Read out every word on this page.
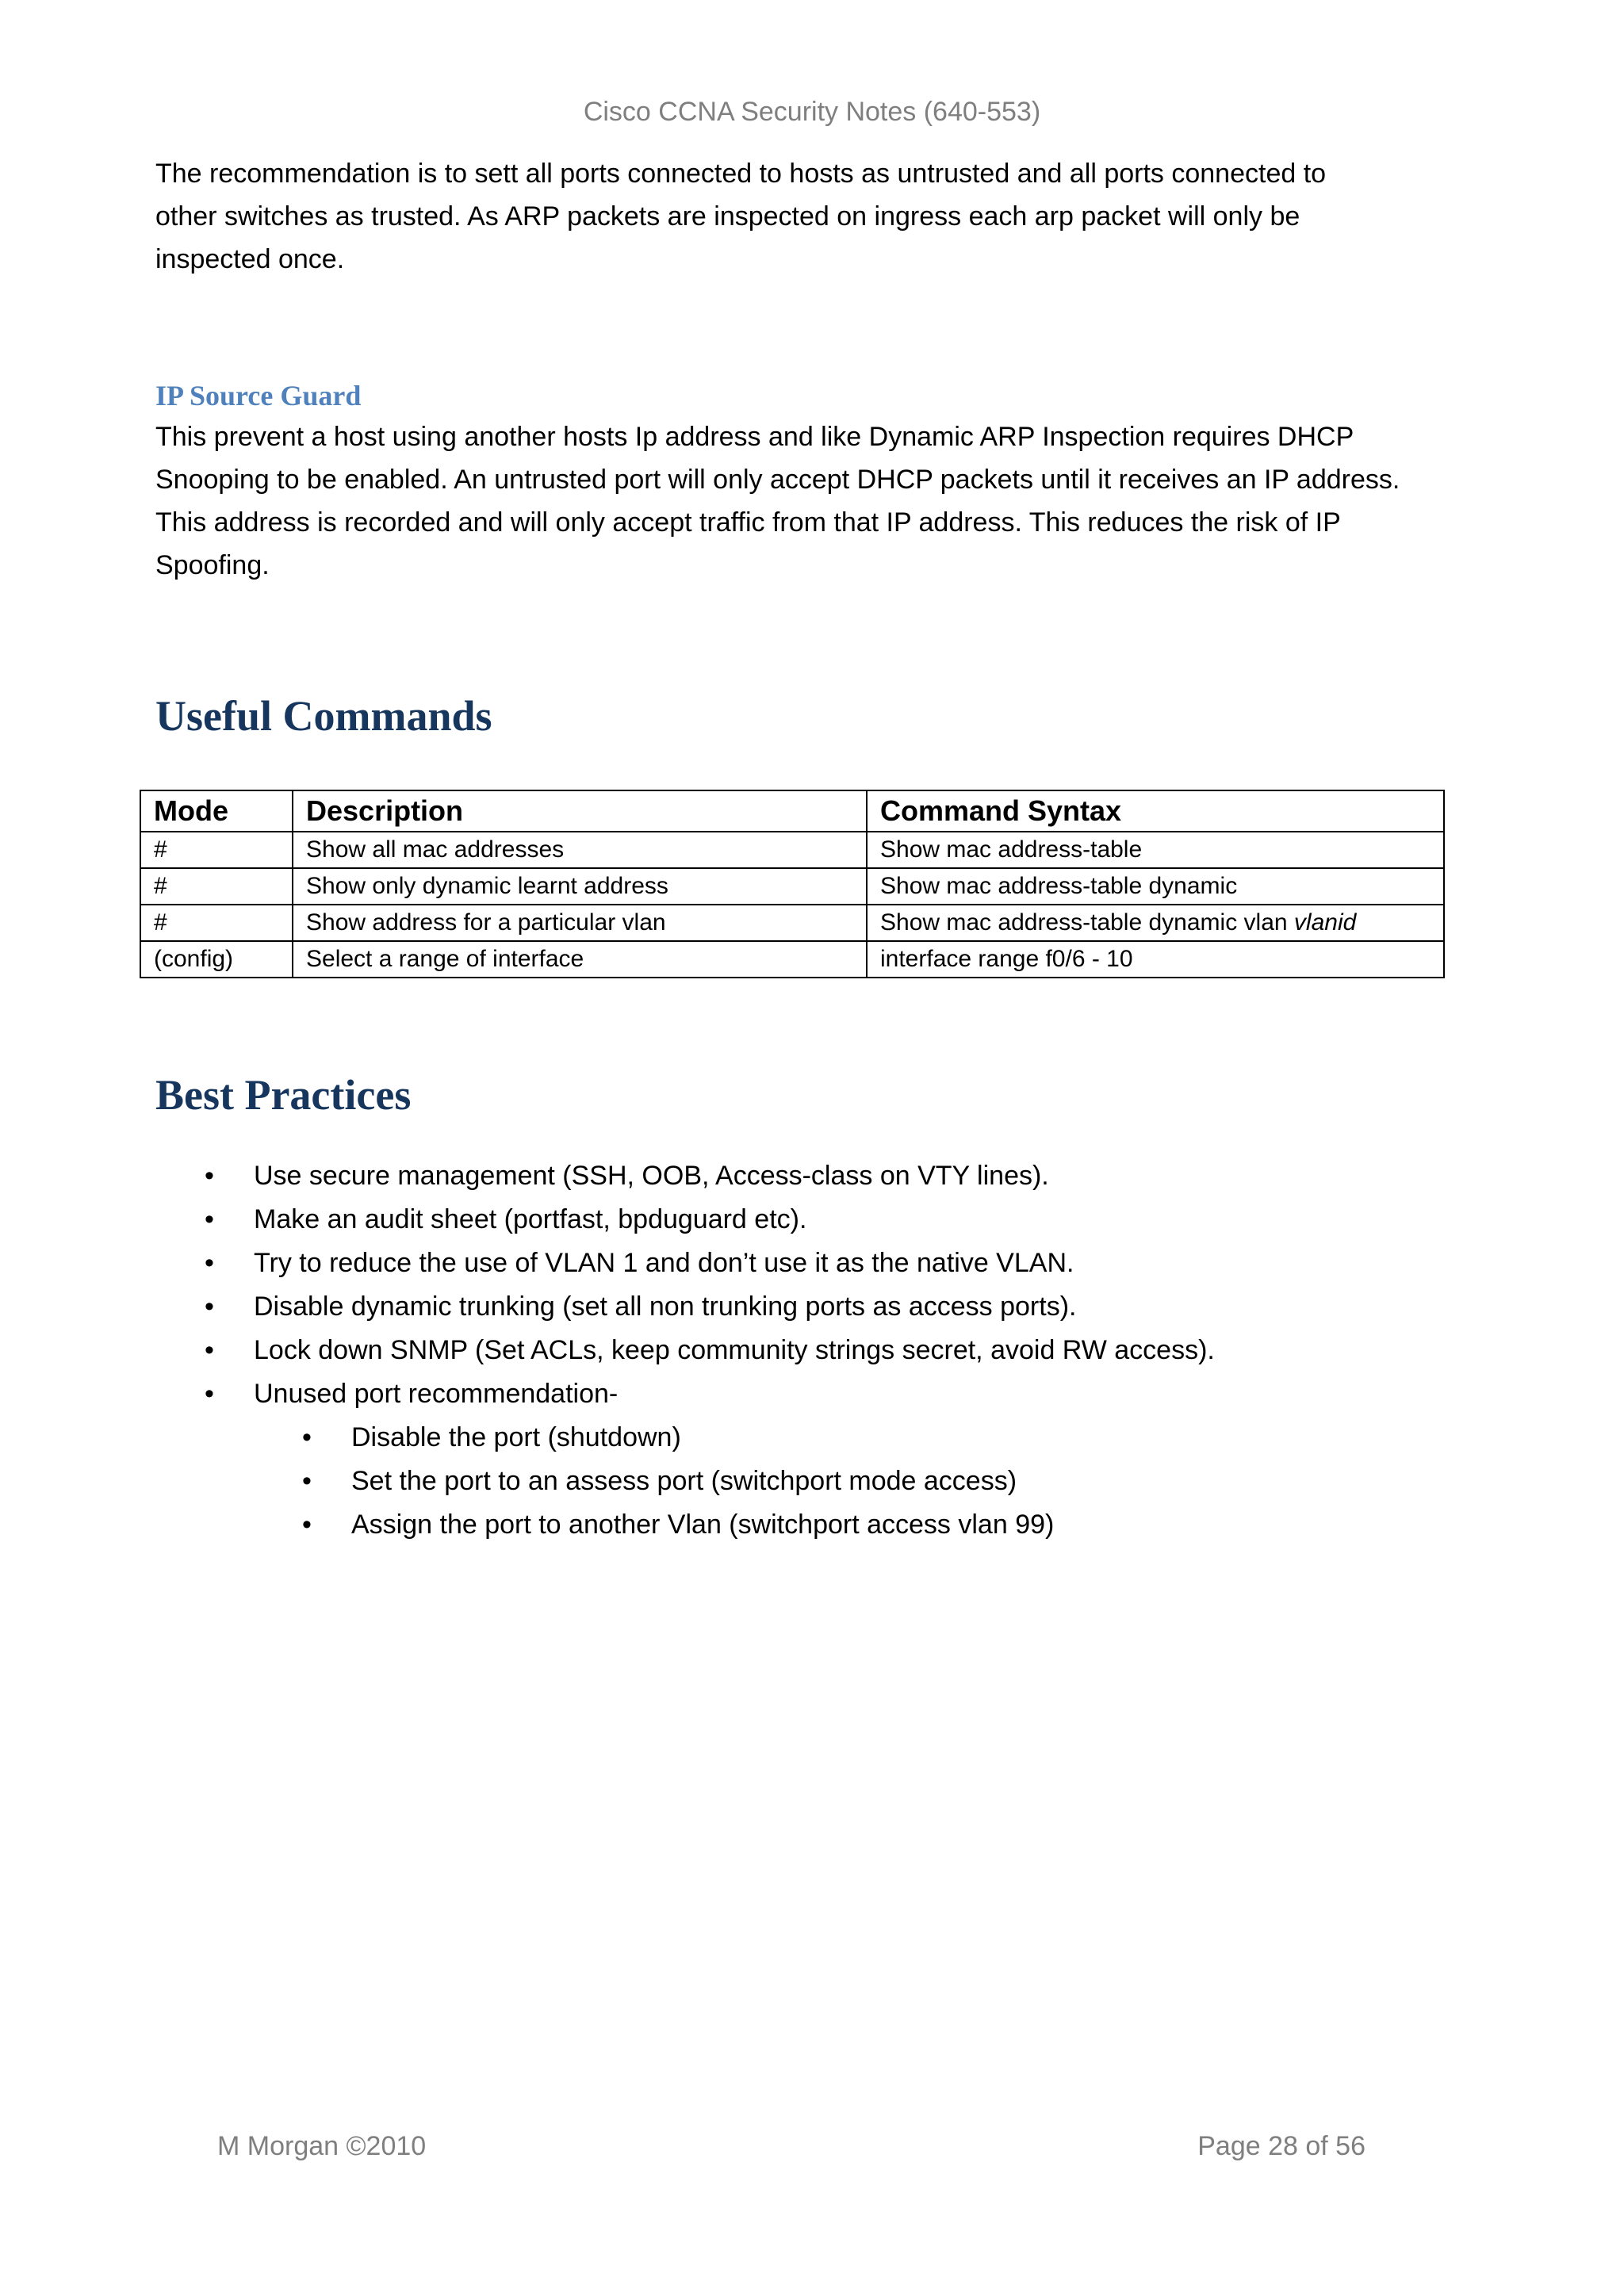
Cisco CCNA Security Notes (640-553)

The recommendation is to sett all ports connected to hosts as untrusted and all ports connected to

other switches as trusted. As ARP packets are inspected on ingress each arp packet will only be

inspected once.

IP Source Guard

This prevent a host using another hosts Ip address and like Dynamic ARP Inspection requires DHCP

Snooping to be enabled. An untrusted port will only accept DHCP packets until it receives an IP address.

This address is recorded and will only accept traffic from that IP address. This reduces the risk of IP

Spoofing.

Useful Commands
Mode	Description	Command Syntax
#	Show all mac addresses	Show mac address-table
#	Show only dynamic learnt address	Show mac address-table dynamic
#	Show address for a particular vlan	Show mac address-table dynamic vlan vlanid
(config)	Select a range of interface	interface range f0/6 - 10
Best Practices
• Use secure management (SSH, OOB, Access-class on VTY lines).
• Make an audit sheet (portfast, bpduguard etc).
• Try to reduce the use of VLAN 1 and don’t use it as the native VLAN.
• Disable dynamic trunking (set all non trunking ports as access ports).
• Lock down SNMP (Set ACLs, keep community strings secret, avoid RW access).
• Unused port recommendation-
• Disable the port (shutdown)
• Set the port to an assess port (switchport mode access)
• Assign the port to another Vlan (switchport access vlan 99)
M Morgan ©2010	Page 28 of 56
